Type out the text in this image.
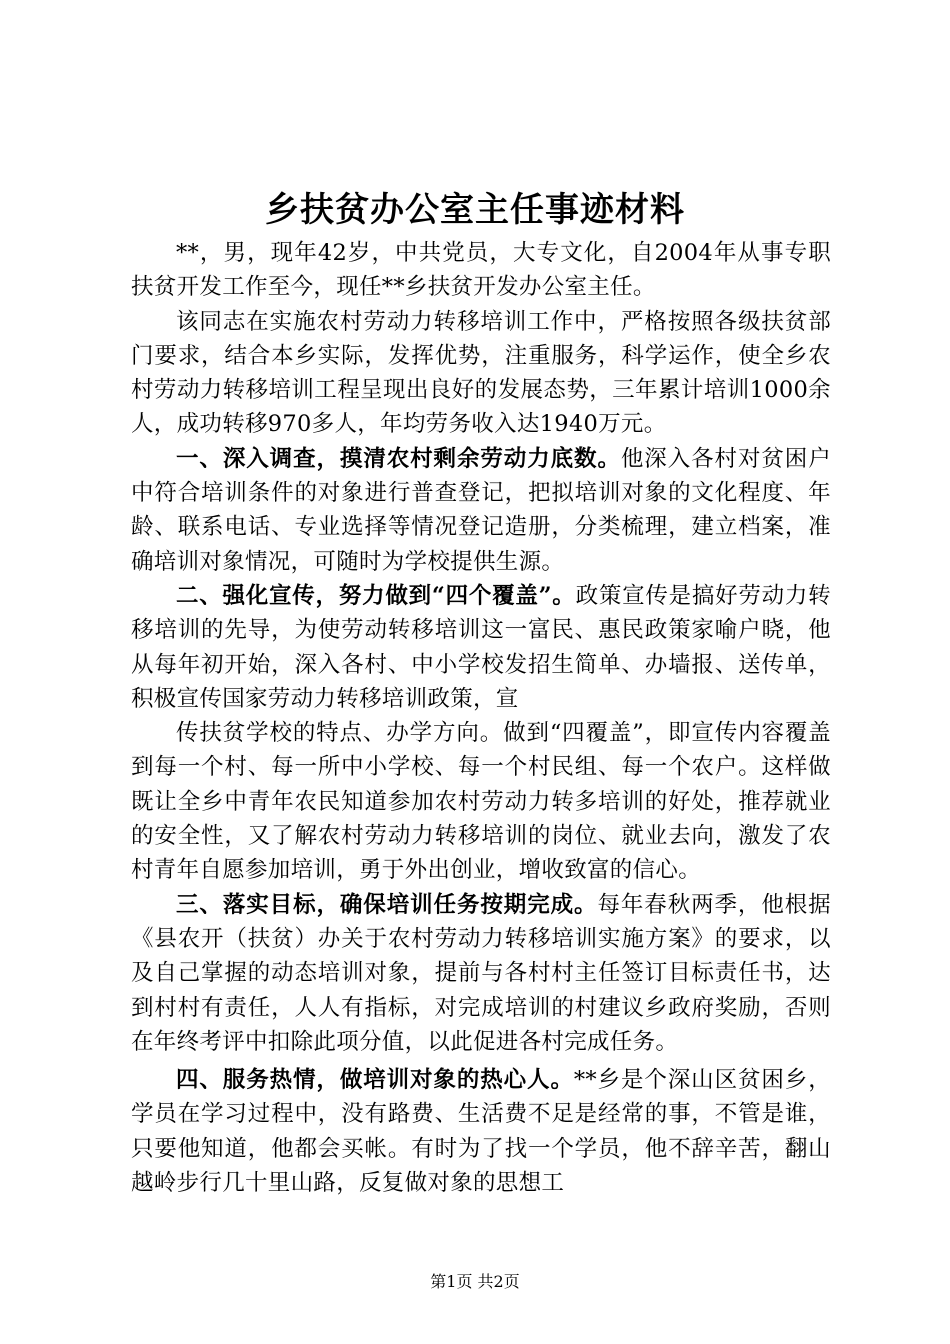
乡扶贫办公室主任事迹材料

**，男，现年42岁，中共党员，大专文化，自2004年从事专职扶贫开发工作至今，现任**乡扶贫开发办公室主任。

该同志在实施农村劳动力转移培训工作中，严格按照各级扶贫部门要求，结合本乡实际，发挥优势，注重服务，科学运作，使全乡农村劳动力转移培训工程呈现出良好的发展态势，三年累计培训1000余人，成功转移970多人，年均劳务收入达1940万元。

一、深入调查，摸清农村剩余劳动力底数。他深入各村对贫困户中符合培训条件的对象进行普查登记，把拟培训对象的文化程度、年龄、联系电话、专业选择等情况登记造册，分类梳理，建立档案，准确培训对象情况，可随时为学校提供生源。

二、强化宣传，努力做到“四个覆盖”。政策宣传是搞好劳动力转移培训的先导，为使劳动转移培训这一富民、惠民政策家喻户晓，他从每年初开始，深入各村、中小学校发招生简单、办墙报、送传单，积极宣传国家劳动力转移培训政策，宣

传扶贫学校的特点、办学方向。做到“四覆盖”，即宣传内容覆盖到每一个村、每一所中小学校、每一个村民组、每一个农户。这样做既让全乡中青年农民知道参加农村劳动力转多培训的好处，推荐就业的安全性，又了解农村劳动力转移培训的岗位、就业去向，激发了农村青年自愿参加培训，勇于外出创业，增收致富的信心。

三、落实目标，确保培训任务按期完成。每年春秋两季，他根据《县农开（扶贫）办关于农村劳动力转移培训实施方案》的要求，以及自己掌握的动态培训对象，提前与各村村主任签订目标责任书，达到村村有责任，人人有指标，对完成培训的村建议乡政府奖励，否则在年终考评中扣除此项分值，以此促进各村完成任务。

四、服务热情，做培训对象的热心人。**乡是个深山区贫困乡，学员在学习过程中，没有路费、生活费不足是经常的事，不管是谁，只要他知道，他都会买帐。有时为了找一个学员，他不辞辛苦，翻山越岭步行几十里山路，反复做对象的思想工

第1页 共2页
